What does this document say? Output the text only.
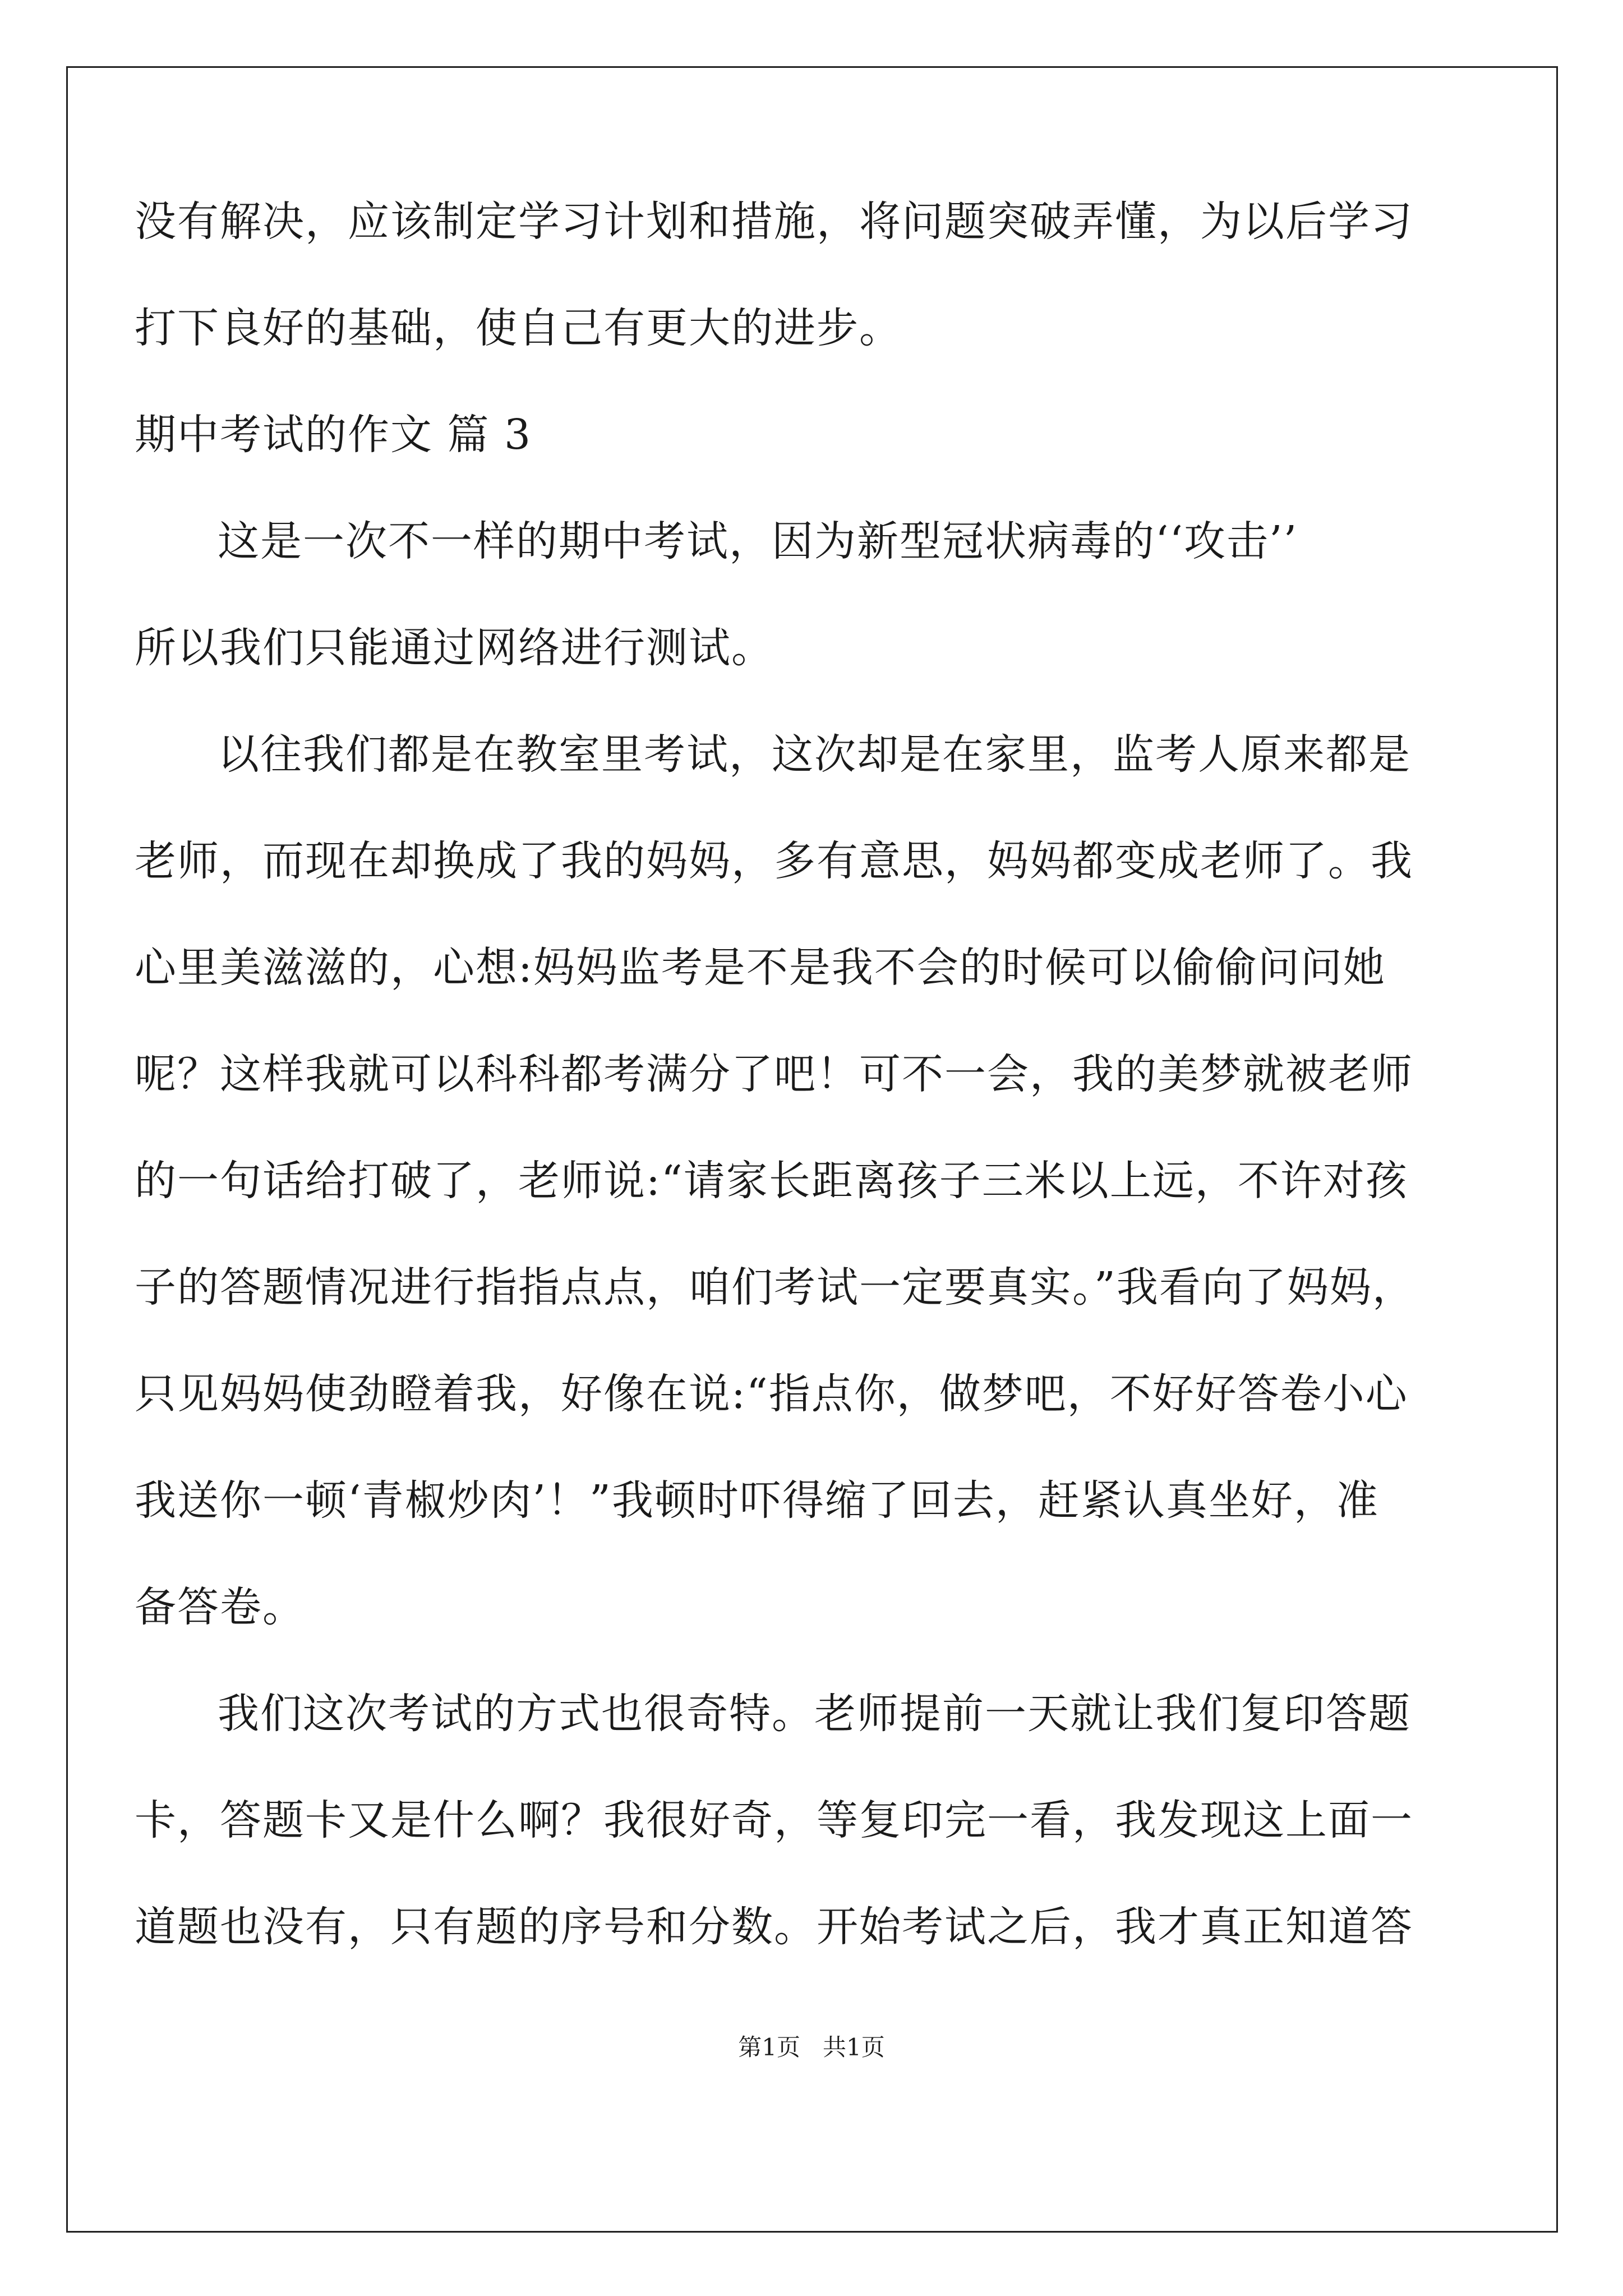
没有解决，应该制定学习计划和措施，将问题突破弄懂，为以后学习
打下良好的基础，使自己有更大的进步。
期中考试的作文 篇 3
这是一次不一样的期中考试，因为新型冠状病毒的‘‘攻击’’
所以我们只能通过网络进行测试。
以往我们都是在教室里考试，这次却是在家里，监考人原来都是
老师，而现在却换成了我的妈妈，多有意思，妈妈都变成老师了。我
心里美滋滋的，心想:妈妈监考是不是我不会的时候可以偷偷问问她
呢？这样我就可以科科都考满分了吧！可不一会，我的美梦就被老师
的一句话给打破了，老师说:“请家长距离孩子三米以上远，不许对孩
子的答题情况进行指指点点，咱们考试一定要真实。”我看向了妈妈，
只见妈妈使劲瞪着我，好像在说:“指点你，做梦吧，不好好答卷小心
我送你一顿‘青椒炒肉’！”我顿时吓得缩了回去，赶紧认真坐好，准
备答卷。
我们这次考试的方式也很奇特。老师提前一天就让我们复印答题
卡，答题卡又是什么啊？我很好奇，等复印完一看，我发现这上面一
道题也没有，只有题的序号和分数。开始考试之后，我才真正知道答
第1页   共1页
